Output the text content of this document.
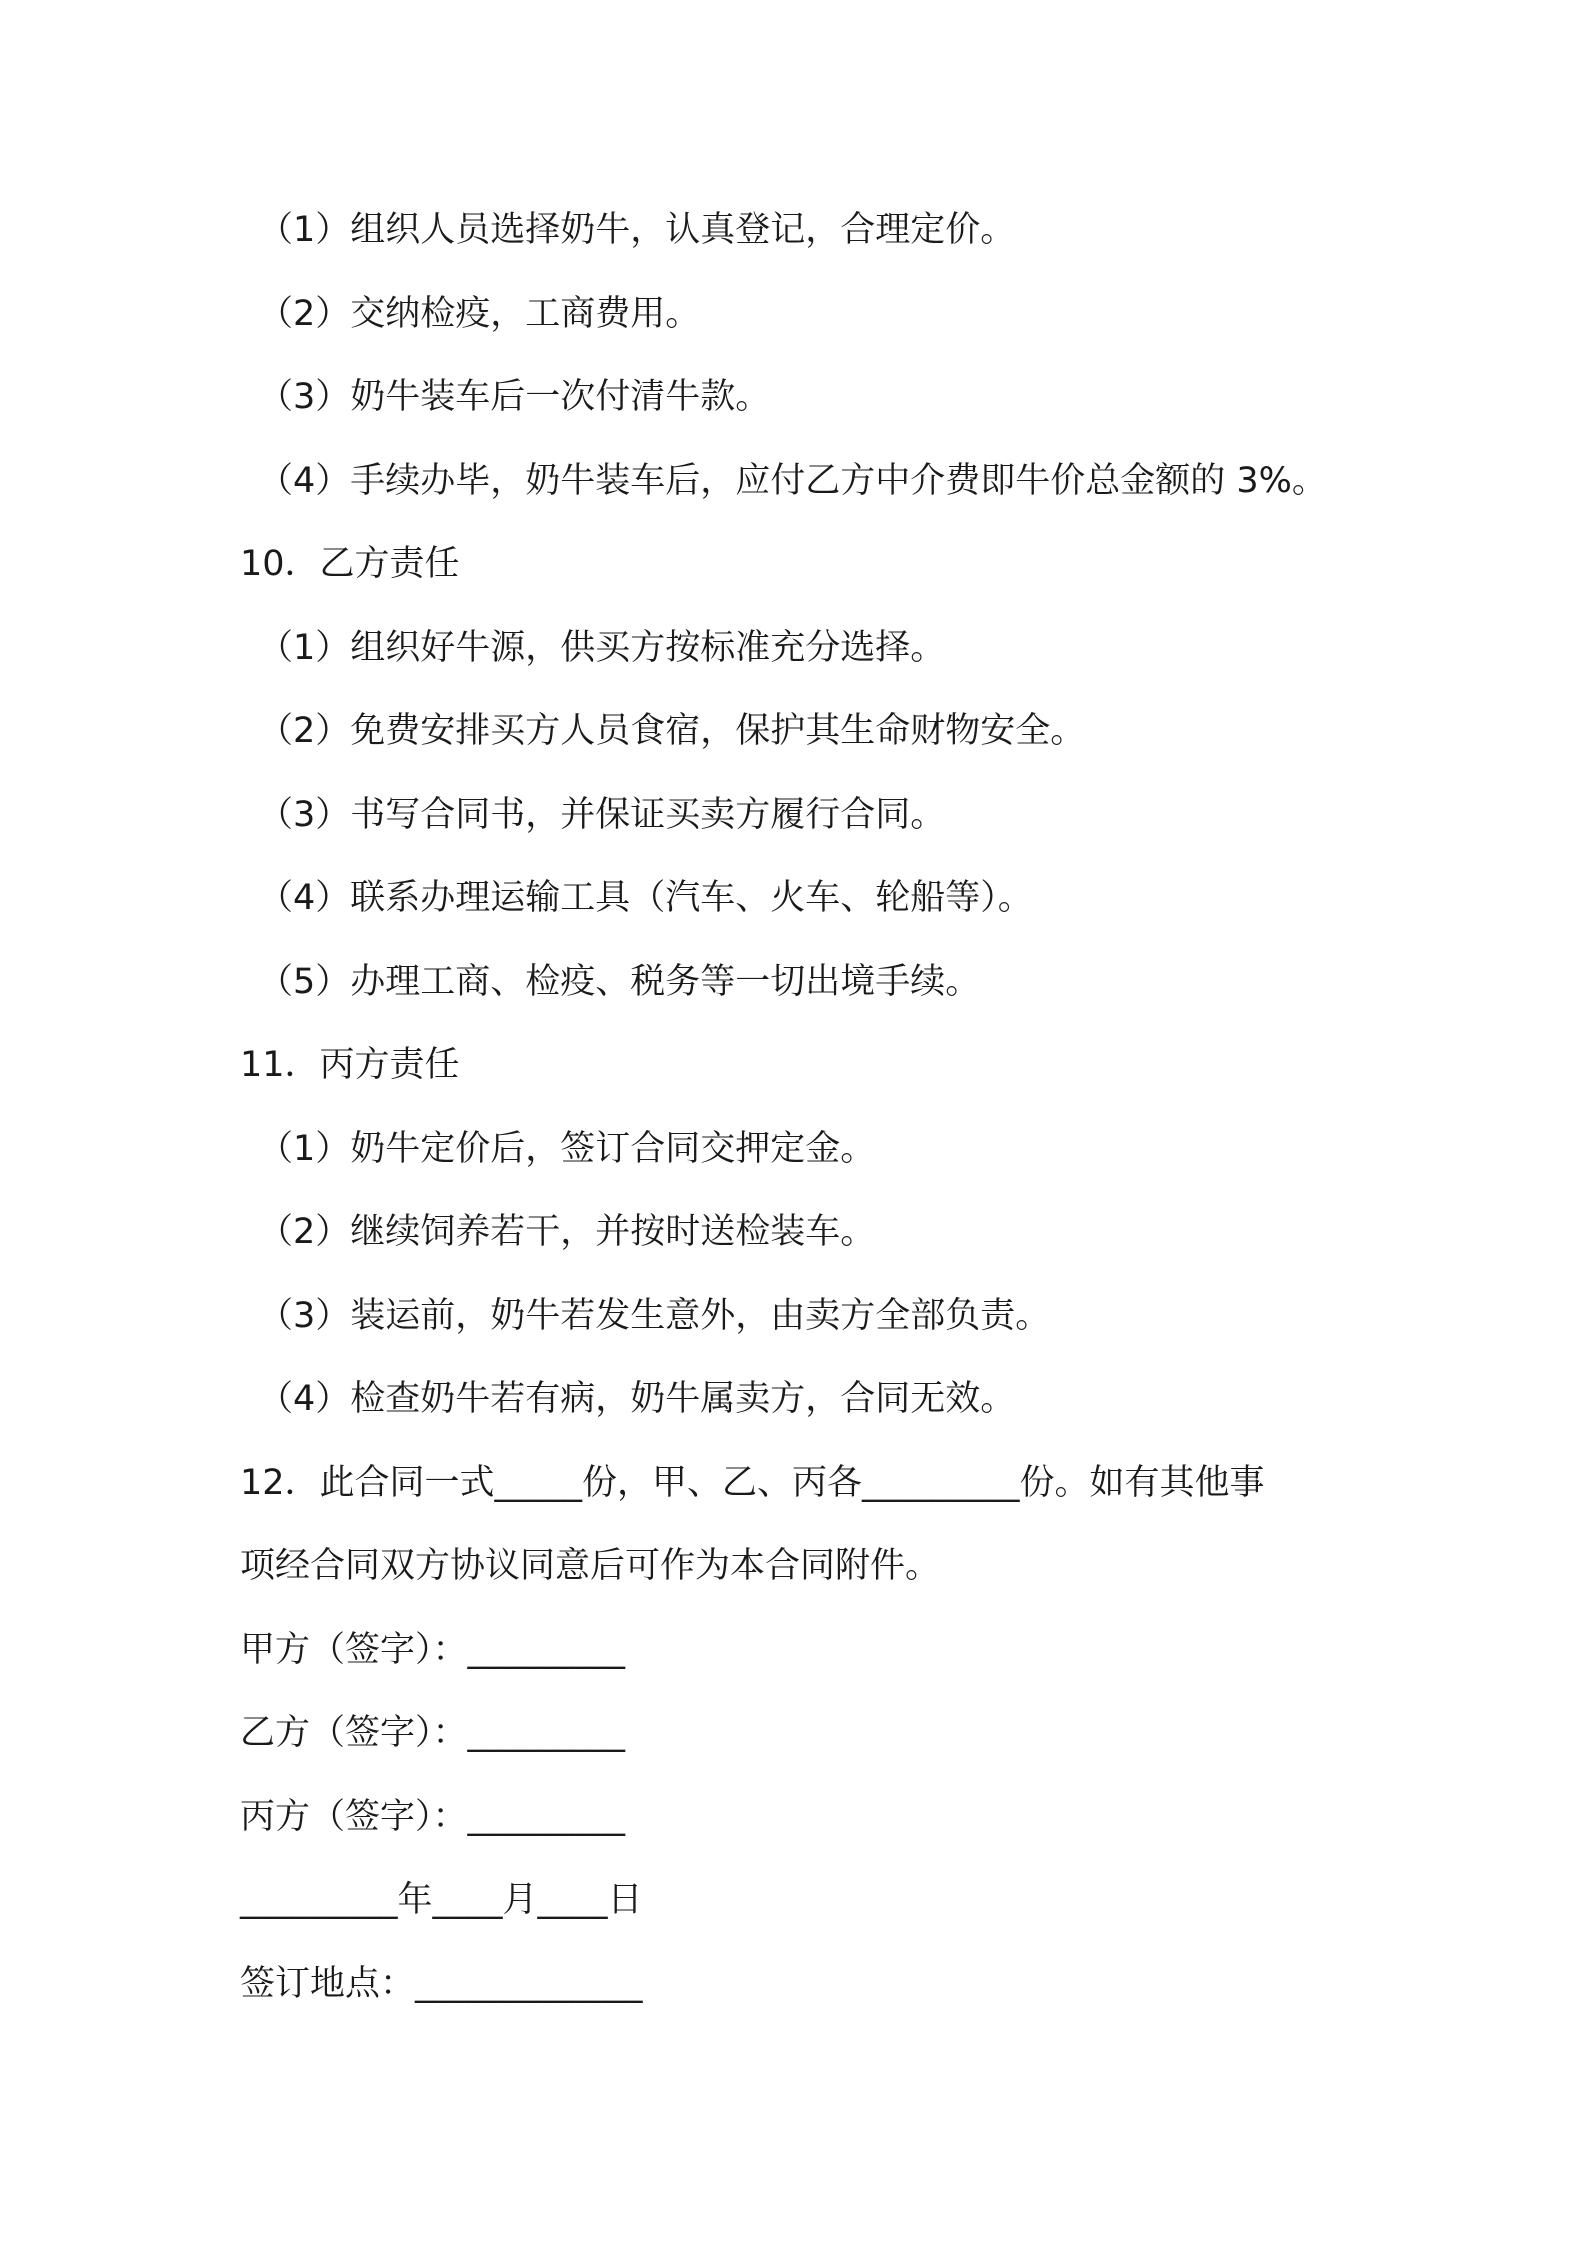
（1）组织人员选择奶牛，认真登记，合理定价。
（2）交纳检疫，工商费用。
（3）奶牛装车后一次付清牛款。
（4）手续办毕，奶牛装车后，应付乙方中介费即牛价总金额的 3%。
10．乙方责任
（1）组织好牛源，供买方按标准充分选择。
（2）免费安排买方人员食宿，保护其生命财物安全。
（3）书写合同书，并保证买卖方履行合同。
（4）联系办理运输工具（汽车、火车、轮船等）。
（5）办理工商、检疫、税务等一切出境手续。
11．丙方责任
（1）奶牛定价后，签订合同交押定金。
（2）继续饲养若干，并按时送检装车。
（3）装运前，奶牛若发生意外，由卖方全部负责。
（4）检查奶牛若有病，奶牛属卖方，合同无效。
12．此合同一式_____份，甲、乙、丙各_________份。如有其他事
项经合同双方协议同意后可作为本合同附件。
甲方（签字）：_________
乙方（签字）：_________
丙方（签字）：_________
_________年____月____日
签订地点：_____________
